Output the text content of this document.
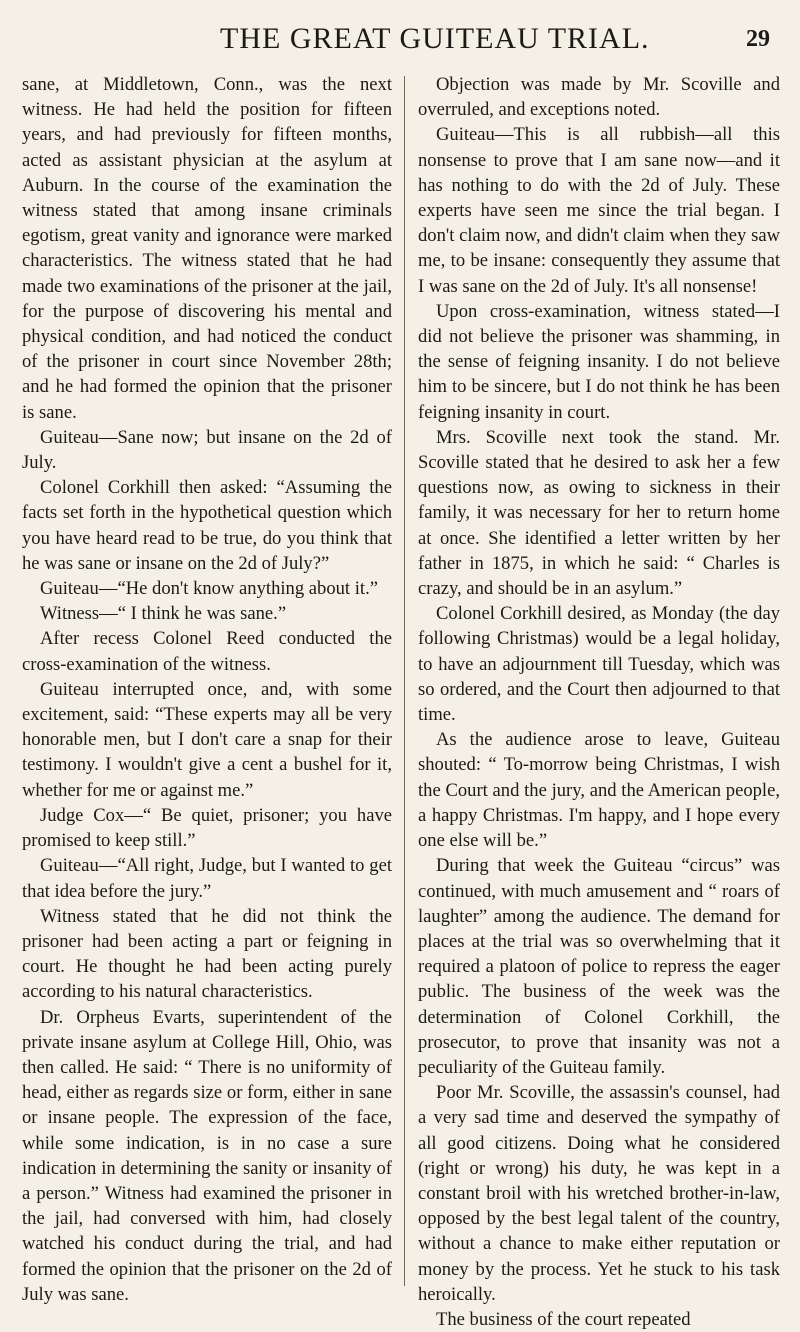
THE GREAT GUITEAU TRIAL.	29

sane, at Middletown, Conn., was the next witness. He had held the position for fifteen years, and had previously for fifteen months, acted as assistant physician at the asylum at Auburn. In the course of the examination the witness stated that among insane criminals egotism, great vanity and ignorance were marked characteristics. The witness stated that he had made two examinations of the prisoner at the jail, for the purpose of discovering his mental and physical condition, and had noticed the conduct of the prisoner in court since November 28th; and he had formed the opinion that the prisoner is sane.

Guiteau—Sane now; but insane on the 2d of July.

Colonel Corkhill then asked: “Assuming the facts set forth in the hypothetical question which you have heard read to be true, do you think that he was sane or insane on the 2d of July?”

Guiteau—“He don't know anything about it.”

Witness—“ I think he was sane.”

After recess Colonel Reed conducted the cross-examination of the witness.

Guiteau interrupted once, and, with some excitement, said: “These experts may all be very honorable men, but I don't care a snap for their testimony. I wouldn't give a cent a bushel for it, whether for me or against me.”

Judge Cox—“ Be quiet, prisoner; you have promised to keep still.”

Guiteau—“All right, Judge, but I wanted to get that idea before the jury.”

Witness stated that he did not think the prisoner had been acting a part or feigning in court. He thought he had been acting purely according to his natural characteristics.

Dr. Orpheus Evarts, superintendent of the private insane asylum at College Hill, Ohio, was then called. He said: “ There is no uniformity of head, either as regards size or form, either in sane or insane people. The expression of the face, while some indication, is in no case a sure indication in determining the sanity or insanity of a person.” Witness had examined the prisoner in the jail, had conversed with him, had closely watched his conduct during the trial, and had formed the opinion that the prisoner on the 2d of July was sane.

Objection was made by Mr. Scoville and overruled, and exceptions noted.

Guiteau—This is all rubbish—all this nonsense to prove that I am sane now—and it has nothing to do with the 2d of July. These experts have seen me since the trial began. I don't claim now, and didn't claim when they saw me, to be insane: consequently they assume that I was sane on the 2d of July. It's all nonsense!

Upon cross-examination, witness stated—I did not believe the prisoner was shamming, in the sense of feigning insanity. I do not believe him to be sincere, but I do not think he has been feigning insanity in court.

Mrs. Scoville next took the stand. Mr. Scoville stated that he desired to ask her a few questions now, as owing to sickness in their family, it was necessary for her to return home at once. She identified a letter written by her father in 1875, in which he said: “ Charles is crazy, and should be in an asylum.”

Colonel Corkhill desired, as Monday (the day following Christmas) would be a legal holiday, to have an adjournment till Tuesday, which was so ordered, and the Court then adjourned to that time.

As the audience arose to leave, Guiteau shouted: “ To-morrow being Christmas, I wish the Court and the jury, and the American people, a happy Christmas. I'm happy, and I hope every one else will be.”

During that week the Guiteau “circus” was continued, with much amusement and “ roars of laughter” among the audience. The demand for places at the trial was so overwhelming that it required a platoon of police to repress the eager public. The business of the week was the determination of Colonel Corkhill, the prosecutor, to prove that insanity was not a peculiarity of the Guiteau family.

Poor Mr. Scoville, the assassin's counsel, had a very sad time and deserved the sympathy of all good citizens. Doing what he considered (right or wrong) his duty, he was kept in a constant broil with his wretched brother-in-law, opposed by the best legal talent of the country, without a chance to make either reputation or money by the process. Yet he stuck to his task heroically.

The business of the court repeated
